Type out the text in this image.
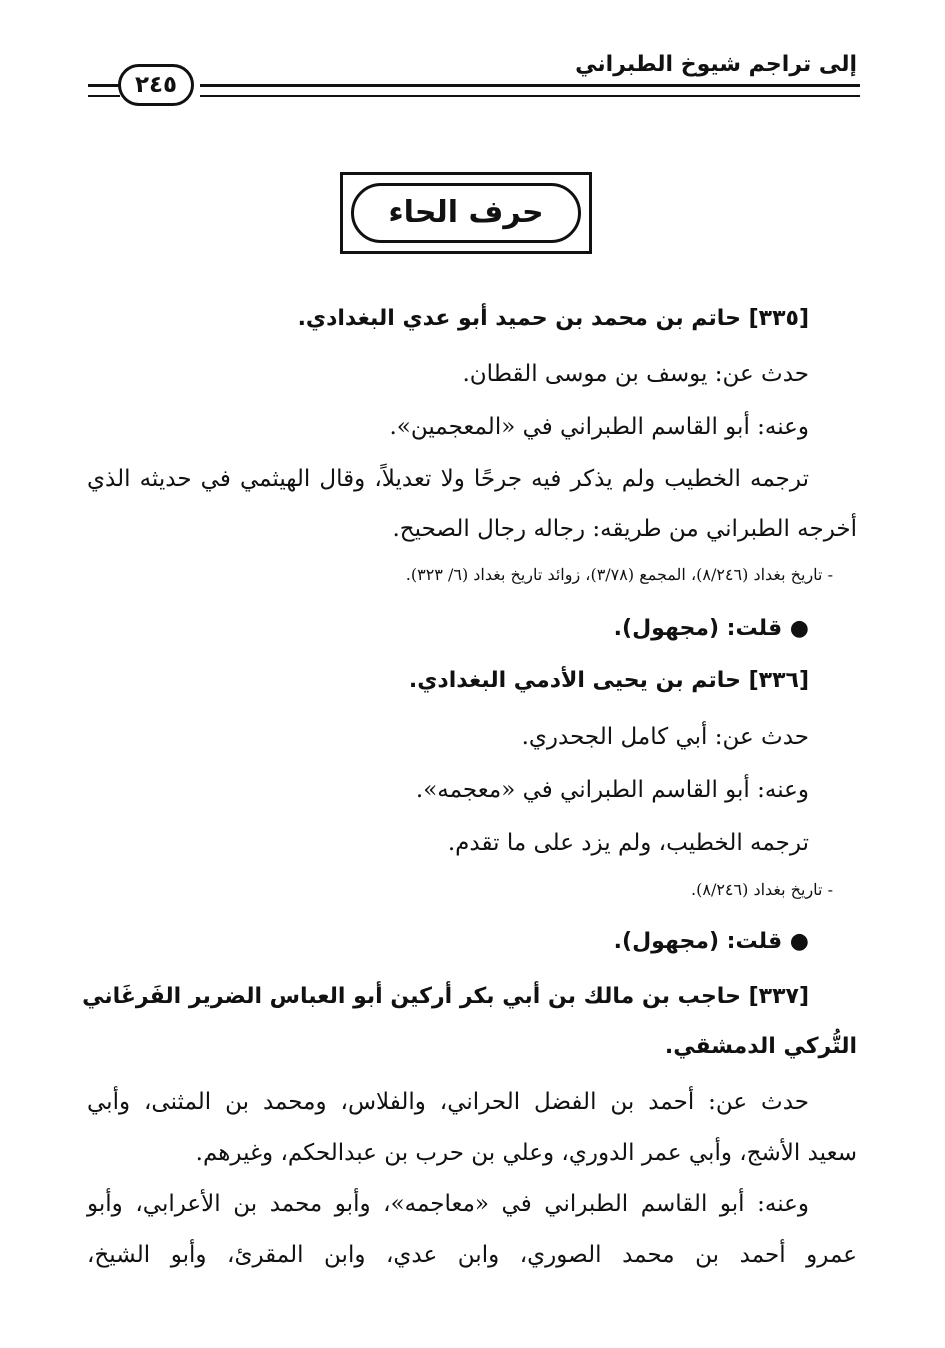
إلى تراجم شيوخ الطبراني
٢٤٥
حرف الحاء
[٣٣٥] حاتم بن محمد بن حميد أبو عدي البغدادي.
حدث عن: يوسف بن موسى القطان.
وعنه: أبو القاسم الطبراني في «المعجمين».
ترجمه الخطيب ولم يذكر فيه جرحًا ولا تعديلاً، وقال الهيثمي في حديثه الذي
أخرجه الطبراني من طريقه: رجاله رجال الصحيح.
- تاريخ بغداد (٨/٢٤٦)، المجمع (٣/٧٨)، زوائد تاريخ بغداد (٦/ ٣٢٣).
● قلت: (مجهول).
[٣٣٦] حاتم بن يحيى الأدمي البغدادي.
حدث عن: أبي كامل الجحدري.
وعنه: أبو القاسم الطبراني في «معجمه».
ترجمه الخطيب، ولم يزد على ما تقدم.
- تاريخ بغداد (٨/٢٤٦).
● قلت: (مجهول).
[٣٣٧] حاجب بن مالك بن أبي بكر أركين أبو العباس الضرير الفَرغَاني
التُّركي الدمشقي.
حدث عن: أحمد بن الفضل الحراني، والفلاس، ومحمد بن المثنى، وأبي
سعيد الأشج، وأبي عمر الدوري، وعلي بن حرب بن عبدالحكم، وغيرهم.
وعنه: أبو القاسم الطبراني في «معاجمه»، وأبو محمد بن الأعرابي، وأبو
عمرو أحمد بن محمد الصوري، وابن عدي، وابن المقرئ، وأبو الشيخ،
